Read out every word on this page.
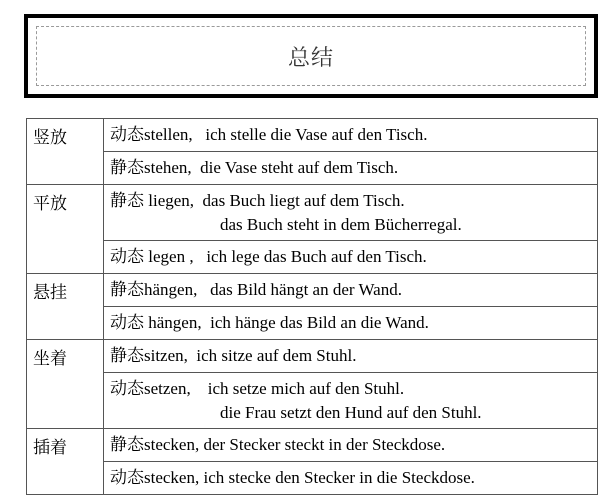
总结
竖放	动态stellen,   ich stelle die Vase auf den Tisch.
	静态stehen,  die Vase steht auf dem Tisch.
平放	静态 liegen,  das Buch liegt auf dem Tisch.
das Buch steht in dem Bücherregal.

	动态 legen ,   ich lege das Buch auf den Tisch.
悬挂	静态hängen,   das Bild hängt an der Wand.
	动态 hängen,  ich hänge das Bild an die Wand.
坐着	静态sitzen,  ich sitze auf dem Stuhl.
	动态setzen,    ich setze mich auf den Stuhl.
die Frau setzt den Hund auf den Stuhl.

插着	静态stecken, der Stecker steckt in der Steckdose.
	动态stecken, ich stecke den Stecker in die Steckdose.
